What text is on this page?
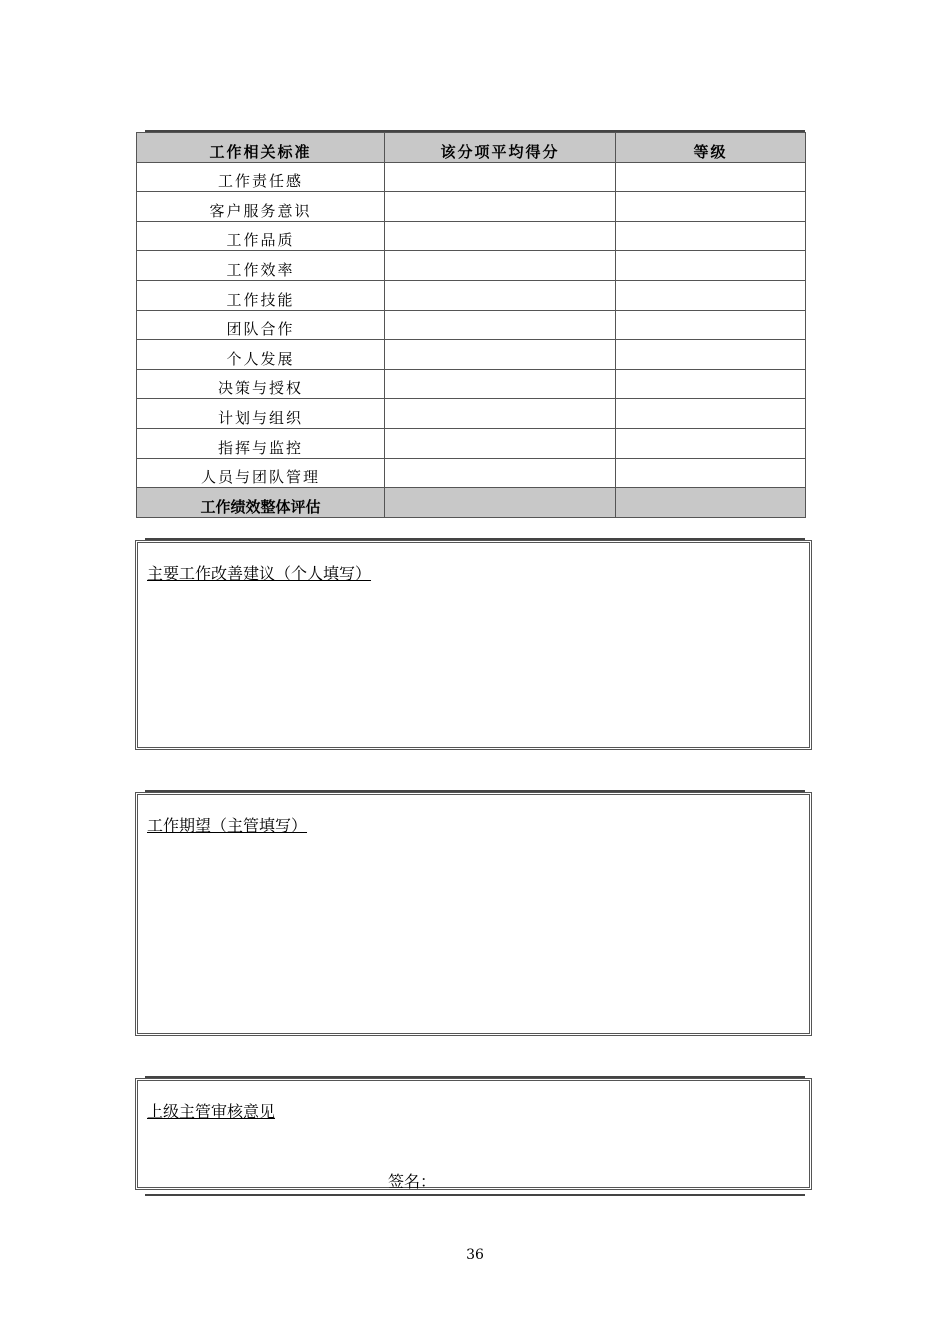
工作相关标准	该分项平均得分	等级
工作责任感		
客户服务意识		
工作品质		
工作效率		
工作技能		
团队合作		
个人发展		
决策与授权		
计划与组织		
指挥与监控		
人员与团队管理		
工作绩效整体评估		
主要工作改善建议（个人填写）
工作期望（主管填写）
上级主管审核意见
签名：
36
